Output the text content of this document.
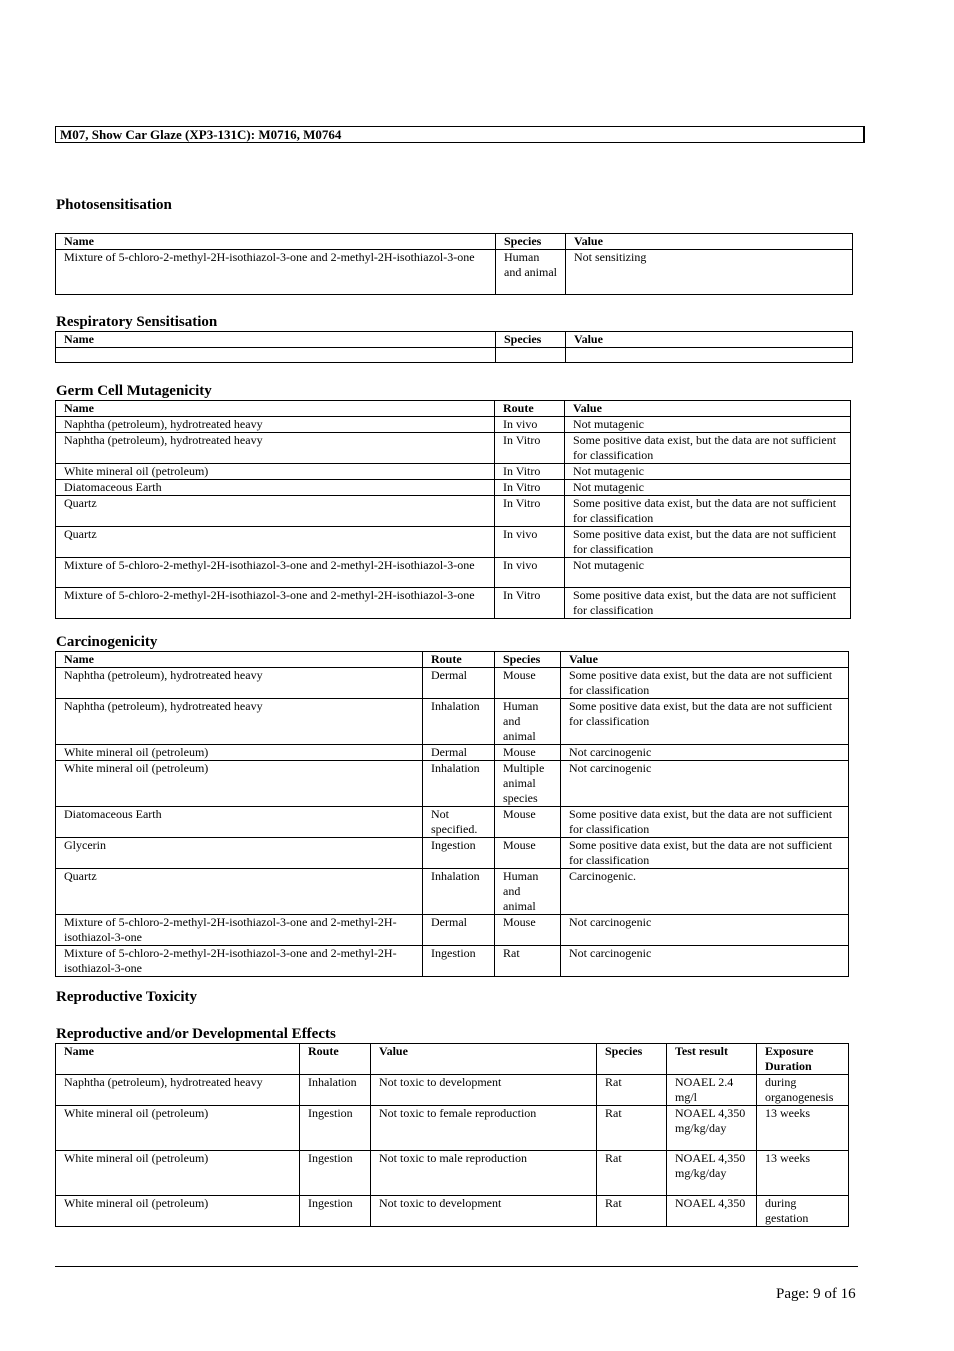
M07, Show Car Glaze (XP3-131C): M0716, M0764
Photosensitisation
Name	Species	Value
Mixture of 5-chloro-2-methyl-2H-isothiazol-3-one and 2-methyl-2H-isothiazol-3-one	Human and animal	Not sensitizing
Respiratory Sensitisation
Name	Species	Value

Germ Cell Mutagenicity
Name	Route	Value
Naphtha (petroleum), hydrotreated heavy	In vivo	Not mutagenic
Naphtha (petroleum), hydrotreated heavy	In Vitro	Some positive data exist, but the data are not sufficient for classification
White mineral oil (petroleum)	In Vitro	Not mutagenic
Diatomaceous Earth	In Vitro	Not mutagenic
Quartz	In Vitro	Some positive data exist, but the data are not sufficient for classification
Quartz	In vivo	Some positive data exist, but the data are not sufficient for classification
Mixture of 5-chloro-2-methyl-2H-isothiazol-3-one and 2-methyl-2H-isothiazol-3-one	In vivo	Not mutagenic
Mixture of 5-chloro-2-methyl-2H-isothiazol-3-one and 2-methyl-2H-isothiazol-3-one	In Vitro	Some positive data exist, but the data are not sufficient for classification
Carcinogenicity
Name	Route	Species	Value
Naphtha (petroleum), hydrotreated heavy	Dermal	Mouse	Some positive data exist, but the data are not sufficient for classification
Naphtha (petroleum), hydrotreated heavy	Inhalation	Human and animal	Some positive data exist, but the data are not sufficient for classification
White mineral oil (petroleum)	Dermal	Mouse	Not carcinogenic
White mineral oil (petroleum)	Inhalation	Multiple animal species	Not carcinogenic
Diatomaceous Earth	Not specified.	Mouse	Some positive data exist, but the data are not sufficient for classification
Glycerin	Ingestion	Mouse	Some positive data exist, but the data are not sufficient for classification
Quartz	Inhalation	Human and animal	Carcinogenic.
Mixture of 5-chloro-2-methyl-2H-isothiazol-3-one and 2-methyl-2H-isothiazol-3-one	Dermal	Mouse	Not carcinogenic
Mixture of 5-chloro-2-methyl-2H-isothiazol-3-one and 2-methyl-2H-isothiazol-3-one	Ingestion	Rat	Not carcinogenic
Reproductive Toxicity
Reproductive and/or Developmental Effects
Name	Route	Value	Species	Test result	Exposure Duration
Naphtha (petroleum), hydrotreated heavy	Inhalation	Not toxic to development	Rat	NOAEL 2.4 mg/l	during organogenesis
White mineral oil (petroleum)	Ingestion	Not toxic to female reproduction	Rat	NOAEL 4,350 mg/kg/day	13 weeks
White mineral oil (petroleum)	Ingestion	Not toxic to male reproduction	Rat	NOAEL 4,350 mg/kg/day	13 weeks
White mineral oil (petroleum)	Ingestion	Not toxic to development	Rat	NOAEL 4,350	during gestation
Page: 9 of 16
